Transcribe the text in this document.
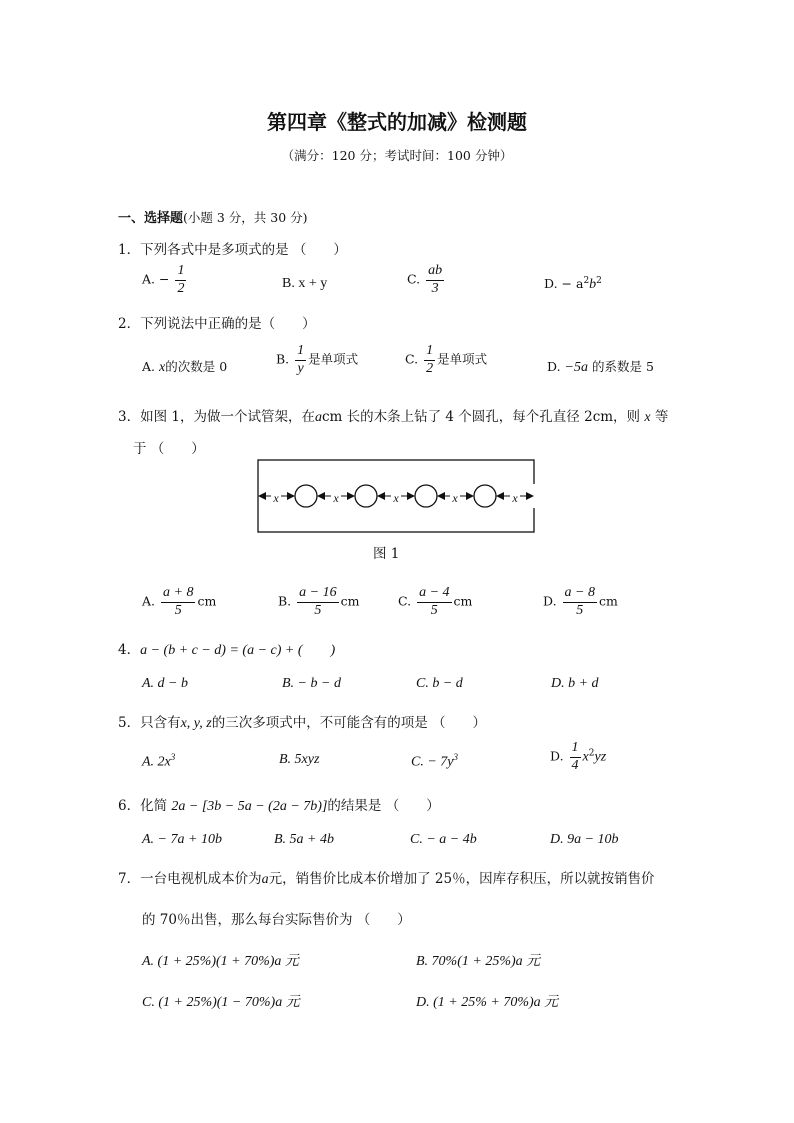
第四章《整式的加减》检测题
（满分：120 分；考试时间：100 分钟）
一、选择题(小题 3 分，共 30 分)
1．下列各式中是多项式的是 （　　）
A. − $\frac{1}{2}$	B. x + y	C. $\frac{ab}{3}$	D. − $a^2b^2$
2．下列说法中正确的是（　　）
A. x的次数是 0	B. $\frac{1}{y}$ 是单项式	C. $\frac{1}{2}$ 是单项式	D. −5a 的系数是 5
3．如图 1，为做一个试管架，在acm 长的木条上钻了 4 个圆孔，每个孔直径 2cm，则 x 等
于 （　　）
x	x	x	x	x
图 1
A. $\frac{a + 8}{5}$ cm	B. $\frac{a - 16}{5}$ cm	C. $\frac{a - 4}{5}$ cm	D. $\frac{a - 8}{5}$ cm
4．a − (b + c − d) = (a − c) + (　　)
A. d − b	B. − b − d	C. b − d	D. b + d
5．只含有x, y, z的三次多项式中，不可能含有的项是 （　　）
A. $2x^3$	B. 5xyz	C. − $7y^3$	D. $\frac{1}{4} x^2yz$
6．化简 2a − [3b − 5a − (2a − 7b)]的结果是 （　　）
A. − 7a + 10b	B. 5a + 4b	C. − a − 4b	D. 9a − 10b
7．一台电视机成本价为a元，销售价比成本价增加了 25％，因库存积压，所以就按销售价
的 70％出售，那么每台实际售价为 （　　）
A. (1 + 25%)(1 + 70%)a 元	B. 70%(1 + 25%)a 元
C. (1 + 25%)(1 − 70%)a 元	D. (1 + 25% + 70%)a 元
